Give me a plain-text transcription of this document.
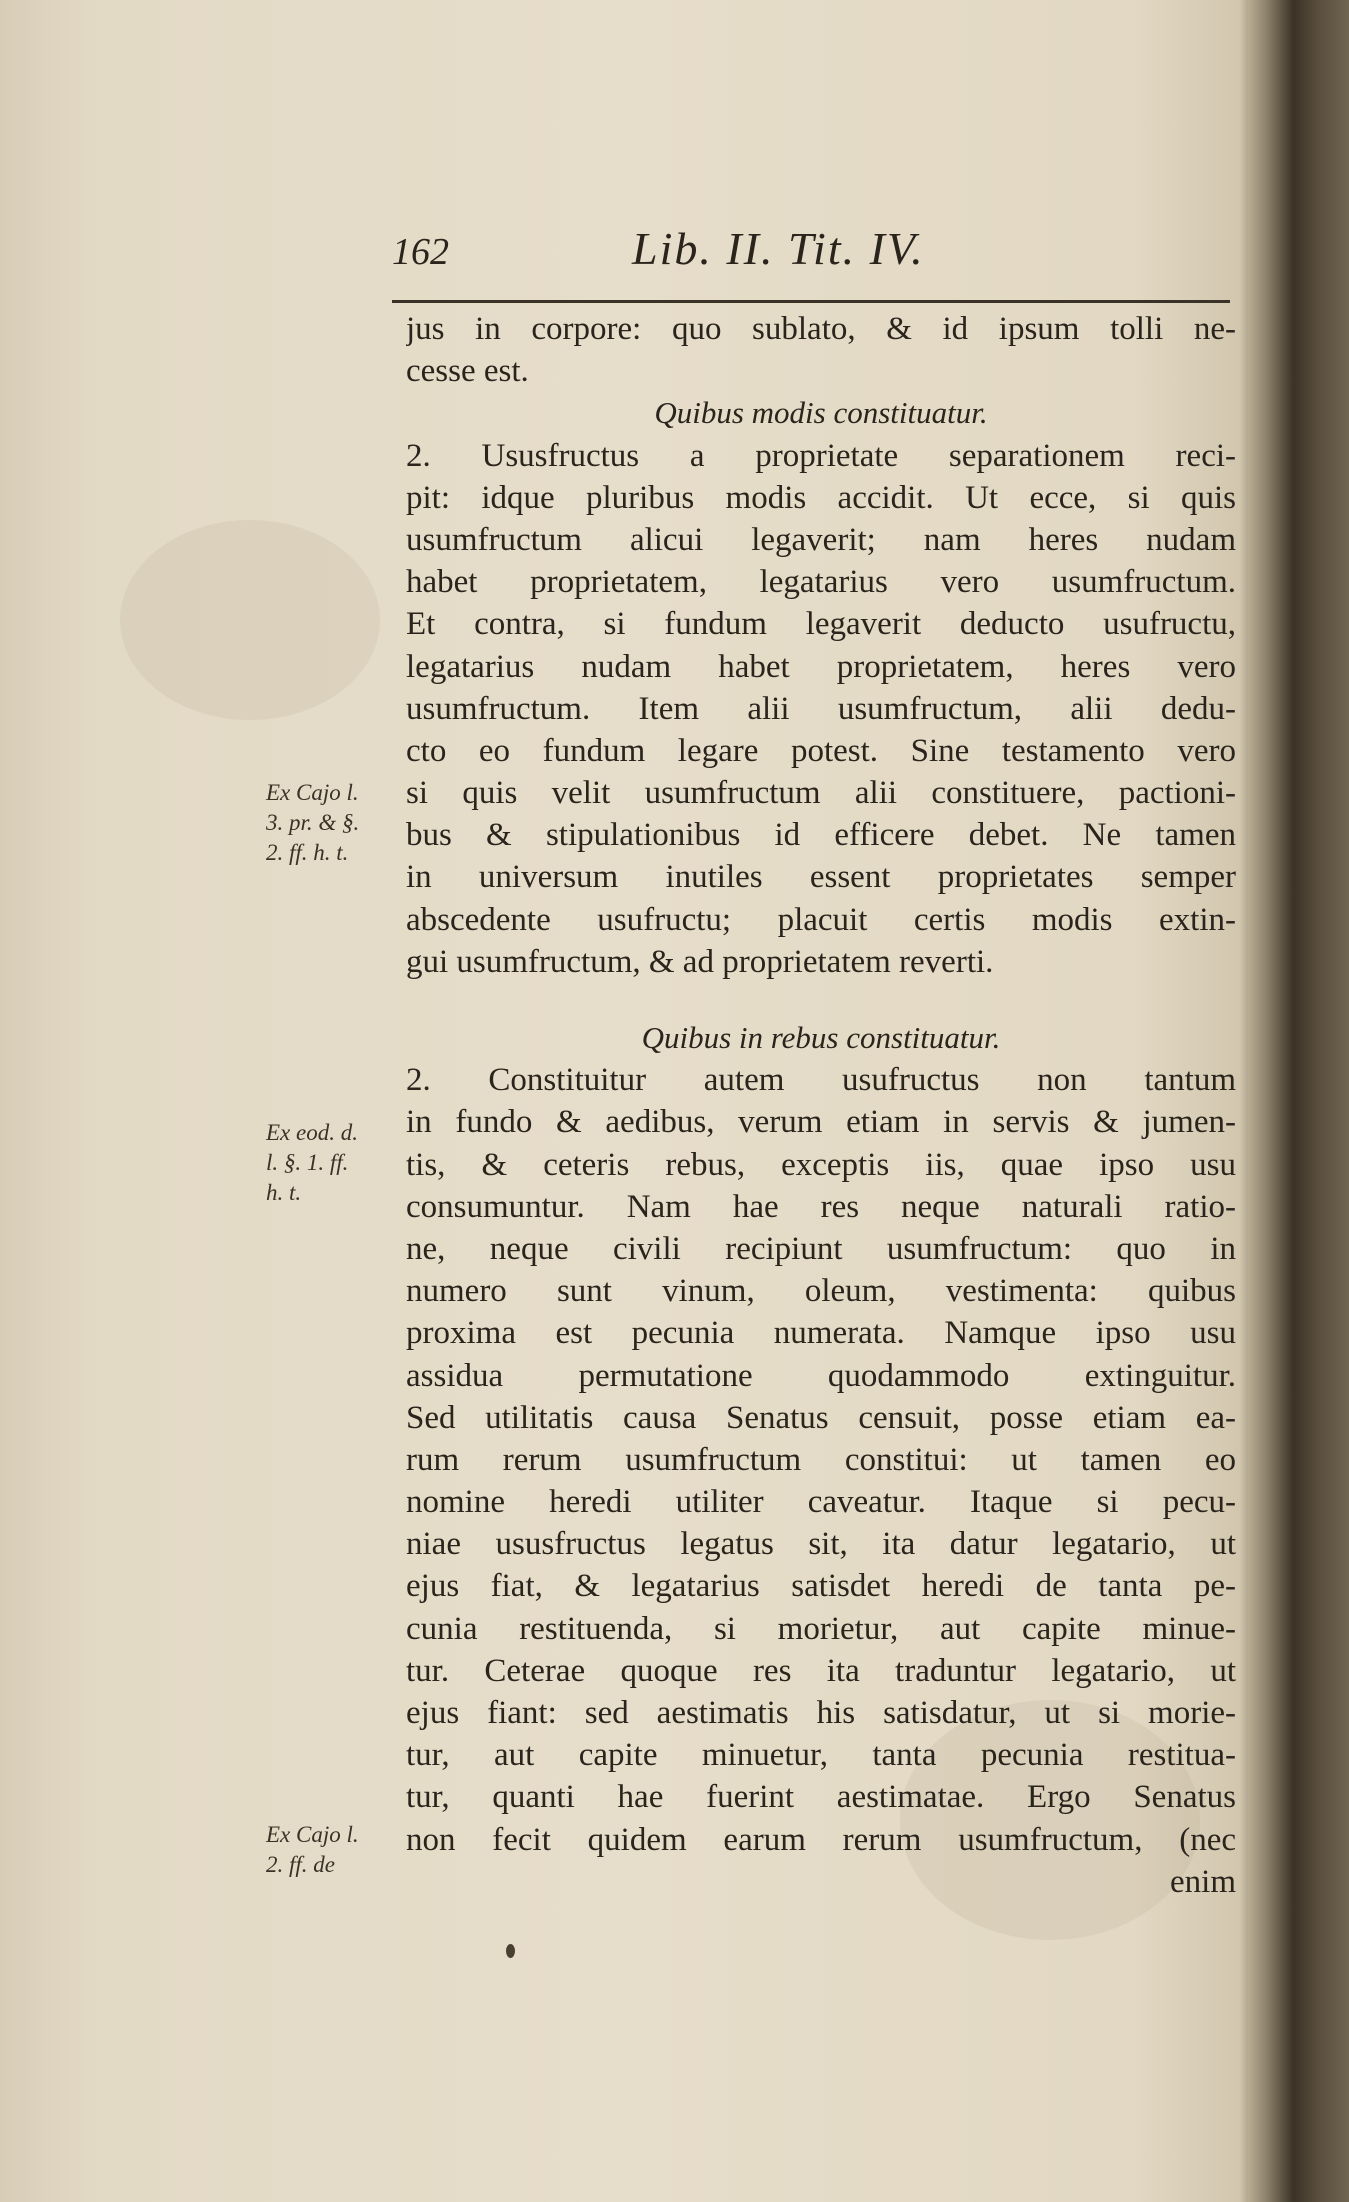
162	Lib. II. Tit. IV.
jus in corpore: quo sublato, & id ipsum tolli ne-
cesse est.
Quibus modis constituatur.
2. Ususfructus a proprietate separationem reci-
pit: idque pluribus modis accidit. Ut ecce, si quis
usumfructum alicui legaverit; nam heres nudam
habet proprietatem, legatarius vero usumfructum.
Et contra, si fundum legaverit deducto usufructu,
legatarius nudam habet proprietatem, heres vero
usumfructum. Item alii usumfructum, alii dedu-
cto eo fundum legare potest. Sine testamento vero
si quis velit usumfructum alii constituere, pactioni-
bus & stipulationibus id efficere debet. Ne tamen
in universum inutiles essent proprietates semper
abscedente usufructu; placuit certis modis extin-
gui usumfructum, & ad proprietatem reverti.
Quibus in rebus constituatur.
2. Constituitur autem usufructus non tantum
in fundo & aedibus, verum etiam in servis & jumen-
tis, & ceteris rebus, exceptis iis, quae ipso usu
consumuntur. Nam hae res neque naturali ratio-
ne, neque civili recipiunt usumfructum: quo in
numero sunt vinum, oleum, vestimenta: quibus
proxima est pecunia numerata. Namque ipso usu
assidua permutatione quodammodo extinguitur.
Sed utilitatis causa Senatus censuit, posse etiam ea-
rum rerum usumfructum constitui: ut tamen eo
nomine heredi utiliter caveatur. Itaque si pecu-
niae ususfructus legatus sit, ita datur legatario, ut
ejus fiat, & legatarius satisdet heredi de tanta pe-
cunia restituenda, si morietur, aut capite minue-
tur. Ceterae quoque res ita traduntur legatario, ut
ejus fiant: sed aestimatis his satisdatur, ut si morie-
tur, aut capite minuetur, tanta pecunia restitua-
tur, quanti hae fuerint aestimatae. Ergo Senatus
non fecit quidem earum rerum usumfructum, (nec
enim
Ex Cajo l.
3. pr. & §.
2. ff. h. t.
Ex eod. d.
l. §. 1. ff.
h. t.
Ex Cajo l.
2. ff. de
